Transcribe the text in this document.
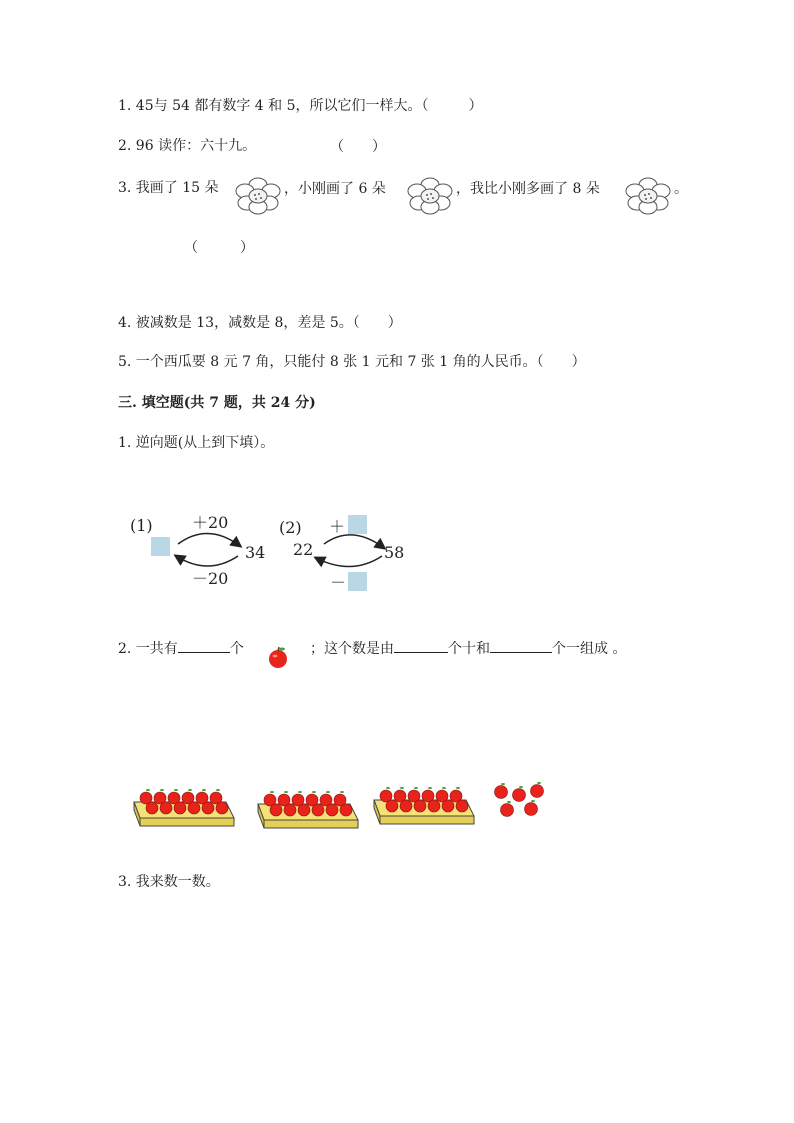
1. 45与 54 都有数字 4 和 5，所以它们一样大。（	）
2. 96 读作：六十九。	（　　）
3. 我画了 15 朵	，小刚画了 6 朵	，我比小刚多画了 8 朵	。
（　　　）
4. 被减数是 13，减数是 8，差是 5。（　　）
5. 一个西瓜要 8 元 7 角，只能付 8 张 1 元和 7 张 1 角的人民币。（　　）
三. 填空题(共 7 题，共 24 分)
1. 逆向题(从上到下填）。
(1) ＋20
34
－20
(2) ＋
22	58
－
2. 一共有	个	；这个数是由	个十和	个一组成 。
3. 我来数一数。
